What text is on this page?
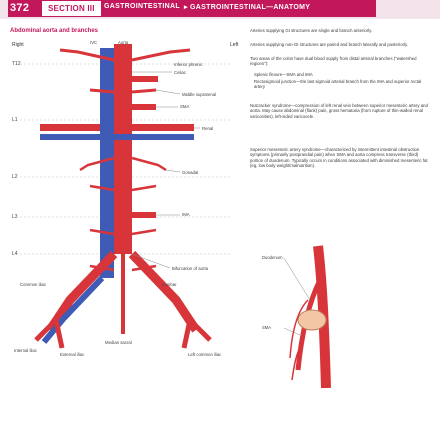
372	SECTION III	GASTROINTESTINAL ▸ GASTROINTESTINAL—ANATOMY
Abdominal aorta and branches
Right	Left
T12
L1
L2
L3
L4
IVC	Aorta
Inferior phrenic
Celiac
Middle suprarenal
SMA
Renal
Gonadal
IMA
Bifurcation of aorta
Common iliac
Median sacral
Lumbar
Internal iliac
External iliac	Left common iliac
Arteries supplying GI structures are single and branch anteriorly.
Arteries supplying non-GI structures are paired and branch laterally and posteriorly.
Two areas of the colon have dual blood supply from distal arterial branches ("watershed regions"):
Splenic flexure—SMA and IMA
Rectosigmoid junction—the last sigmoid arterial branch from the IMA and superior rectal artery
Nutcracker syndrome—compression of left renal vein between superior mesenteric artery and aorta. May cause abdominal (flank) pain, gross hematuria (from rupture of thin-walled renal varicosities), left-sided varicocele.
Superior mesenteric artery syndrome—characterized by intermittent intestinal obstruction symptoms (primarily postprandial pain) when SMA and aorta compress transverse (third) portion of duodenum. Typically occurs in conditions associated with diminished mesenteric fat (eg, low body weight/malnutrition).
Duodenum
SMA
